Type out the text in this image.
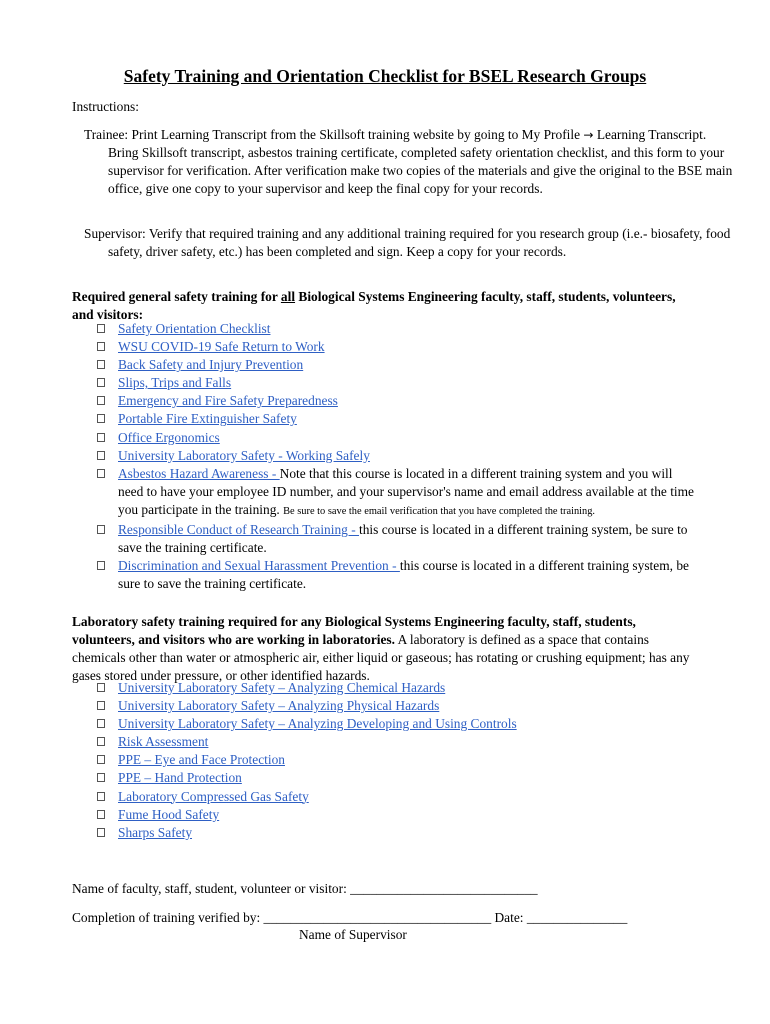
Safety Training and Orientation Checklist for BSEL Research Groups
Instructions:
Trainee: Print Learning Transcript from the Skillsoft training website by going to My Profile → Learning Transcript. Bring Skillsoft transcript, asbestos training certificate, completed safety orientation checklist, and this form to your supervisor for verification. After verification make two copies of the materials and give the original to the BSE main office, give one copy to your supervisor and keep the final copy for your records.
Supervisor: Verify that required training and any additional training required for you research group (i.e.- biosafety, food safety, driver safety, etc.) has been completed and sign. Keep a copy for your records.
Required general safety training for all Biological Systems Engineering faculty, staff, students, volunteers, and visitors:
Safety Orientation Checklist
WSU COVID-19 Safe Return to Work
Back Safety and Injury Prevention
Slips, Trips and Falls
Emergency and Fire Safety Preparedness
Portable Fire Extinguisher Safety
Office Ergonomics
University Laboratory Safety - Working Safely
Asbestos Hazard Awareness - Note that this course is located in a different training system and you will need to have your employee ID number, and your supervisor's name and email address available at the time you participate in the training. Be sure to save the email verification that you have completed the training.
Responsible Conduct of Research Training - this course is located in a different training system, be sure to save the training certificate.
Discrimination and Sexual Harassment Prevention - this course is located in a different training system, be sure to save the training certificate.
Laboratory safety training required for any Biological Systems Engineering faculty, staff, students, volunteers, and visitors who are working in laboratories. A laboratory is defined as a space that contains chemicals other than water or atmospheric air, either liquid or gaseous; has rotating or crushing equipment; has any gases stored under pressure, or other identified hazards.
University Laboratory Safety – Analyzing Chemical Hazards
University Laboratory Safety – Analyzing Physical Hazards
University Laboratory Safety – Analyzing Developing and Using Controls
Risk Assessment
PPE – Eye and Face Protection
PPE – Hand Protection
Laboratory Compressed Gas Safety
Fume Hood Safety
Sharps Safety
Name of faculty, staff, student, volunteer or visitor: ____________________________
Completion of training verified by: __________________________________ Date: _______________
Name of Supervisor
